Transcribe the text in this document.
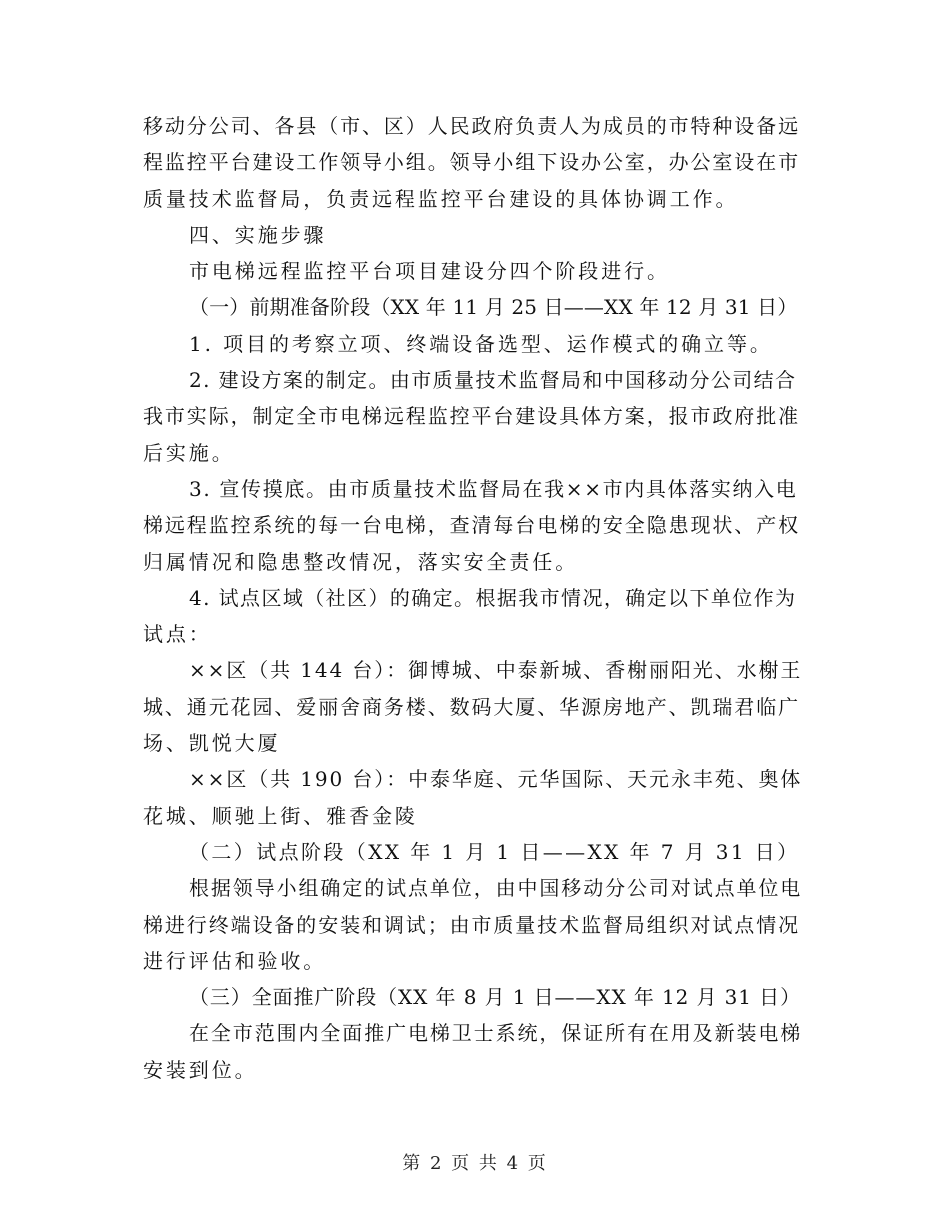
移动分公司、各县（市、区）人民政府负责人为成员的市特种设备远

程监控平台建设工作领导小组。领导小组下设办公室，办公室设在市

质量技术监督局，负责远程监控平台建设的具体协调工作。

四、实施步骤

市电梯远程监控平台项目建设分四个阶段进行。

（一）前期准备阶段（XX 年 11 月 25 日——XX 年 12 月 31 日）

1. 项目的考察立项、终端设备选型、运作模式的确立等。

2. 建设方案的制定。由市质量技术监督局和中国移动分公司结合

我市实际，制定全市电梯远程监控平台建设具体方案，报市政府批准

后实施。

3. 宣传摸底。由市质量技术监督局在我××市内具体落实纳入电

梯远程监控系统的每一台电梯，查清每台电梯的安全隐患现状、产权

归属情况和隐患整改情况，落实安全责任。

4. 试点区域（社区）的确定。根据我市情况，确定以下单位作为

试点：

××区（共 144 台）：御博城、中泰新城、香榭丽阳光、水榭王

城、通元花园、爱丽舍商务楼、数码大厦、华源房地产、凯瑞君临广

场、凯悦大厦

××区（共 190 台）：中泰华庭、元华国际、天元永丰苑、奥体

花城、顺驰上街、雅香金陵

（二）试点阶段（XX 年 1 月 1 日——XX 年 7 月 31 日）

根据领导小组确定的试点单位，由中国移动分公司对试点单位电

梯进行终端设备的安装和调试；由市质量技术监督局组织对试点情况

进行评估和验收。

（三）全面推广阶段（XX 年 8 月 1 日——XX 年 12 月 31 日）

在全市范围内全面推广电梯卫士系统，保证所有在用及新装电梯

安装到位。

第 2 页 共 4 页
